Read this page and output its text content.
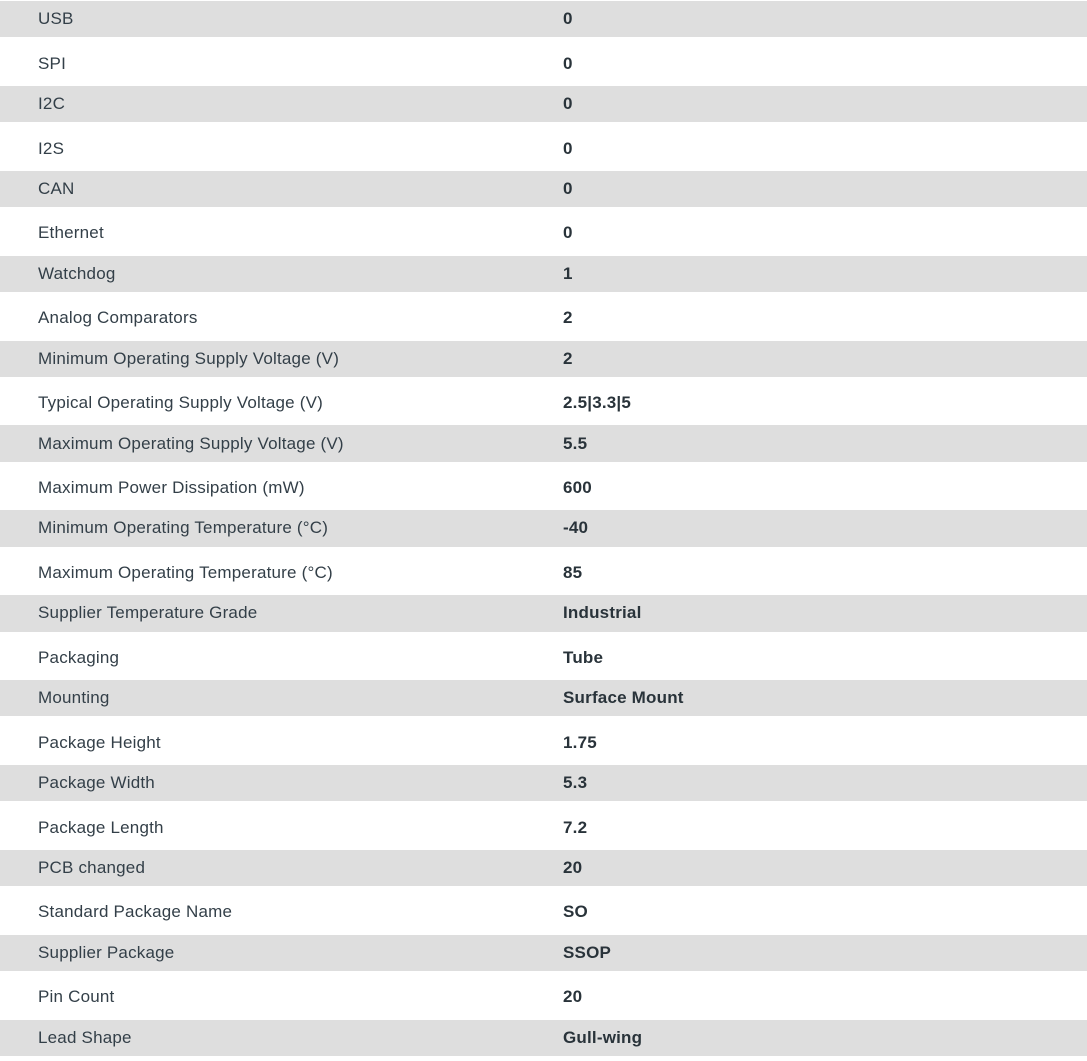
USB	0
SPI	0
I2C	0
I2S	0
CAN	0
Ethernet	0
Watchdog	1
Analog Comparators	2
Minimum Operating Supply Voltage (V)	2
Typical Operating Supply Voltage (V)	2.5|3.3|5
Maximum Operating Supply Voltage (V)	5.5
Maximum Power Dissipation (mW)	600
Minimum Operating Temperature (°C)	-40
Maximum Operating Temperature (°C)	85
Supplier Temperature Grade	Industrial
Packaging	Tube
Mounting	Surface Mount
Package Height	1.75
Package Width	5.3
Package Length	7.2
PCB changed	20
Standard Package Name	SO
Supplier Package	SSOP
Pin Count	20
Lead Shape	Gull-wing
